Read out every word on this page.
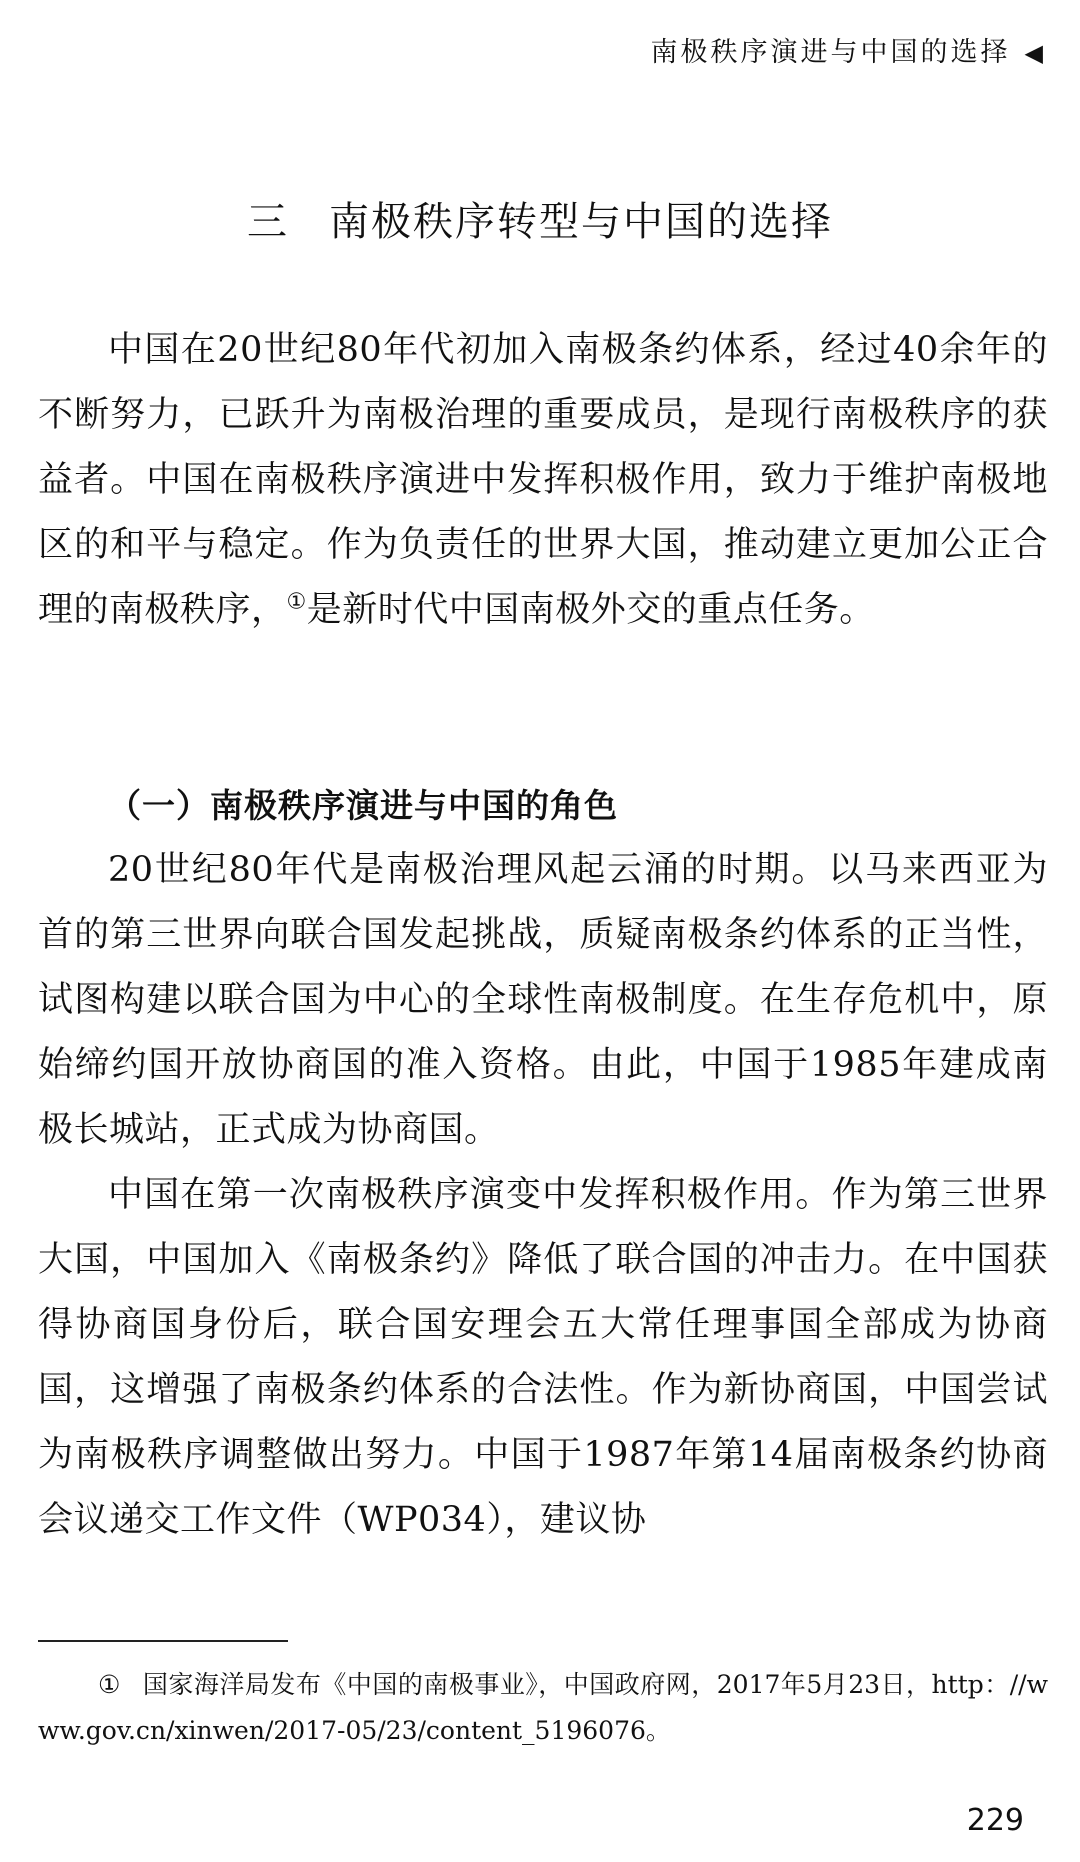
南极秩序演进与中国的选择 ◀
三 南极秩序转型与中国的选择

中国在20世纪80年代初加入南极条约体系，经过40余年的不断努力，已跃升为南极治理的重要成员，是现行南极秩序的获益者。中国在南极秩序演进中发挥积极作用，致力于维护南极地区的和平与稳定。作为负责任的世界大国，推动建立更加公正合理的南极秩序，①是新时代中国南极外交的重点任务。

（一）南极秩序演进与中国的角色

20世纪80年代是南极治理风起云涌的时期。以马来西亚为首的第三世界向联合国发起挑战，质疑南极条约体系的正当性，试图构建以联合国为中心的全球性南极制度。在生存危机中，原始缔约国开放协商国的准入资格。由此，中国于1985年建成南极长城站，正式成为协商国。

中国在第一次南极秩序演变中发挥积极作用。作为第三世界大国，中国加入《南极条约》降低了联合国的冲击力。在中国获得协商国身份后，联合国安理会五大常任理事国全部成为协商国，这增强了南极条约体系的合法性。作为新协商国，中国尝试为南极秩序调整做出努力。中国于1987年第14届南极条约协商会议递交工作文件（WP034），建议协

① 国家海洋局发布《中国的南极事业》，中国政府网，2017年5月23日，http：//www.gov.cn/xinwen/2017-05/23/content_5196076。

229
